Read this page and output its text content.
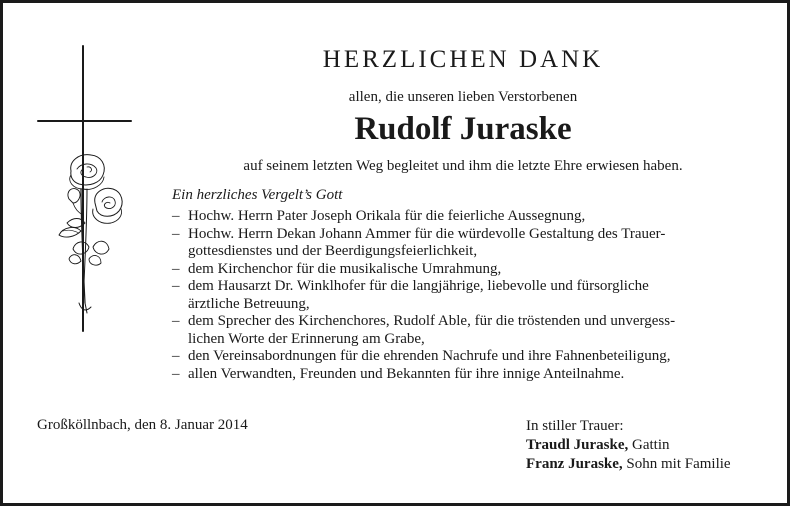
HERZLICHEN DANK
allen, die unseren lieben Verstorbenen
Rudolf Juraske
auf seinem letzten Weg begleitet und ihm die letzte Ehre erwiesen haben.
Ein herzliches Vergelt’s Gott
– Hochw. Herrn Pater Joseph Orikala für die feierliche Aussegnung,
– Hochw. Herrn Dekan Johann Ammer für die würdevolle Gestaltung des Trauer-
gottesdienstes und der Beerdigungsfeierlichkeit,
– dem Kirchenchor für die musikalische Umrahmung,
– dem Hausarzt Dr. Winklhofer für die langjährige, liebevolle und fürsorgliche
ärztliche Betreuung,
– dem Sprecher des Kirchenchores, Rudolf Able, für die tröstenden und unvergess-
lichen Worte der Erinnerung am Grabe,
– den Vereinsabordnungen für die ehrenden Nachrufe und ihre Fahnenbeteiligung,
– allen Verwandten, Freunden und Bekannten für ihre innige Anteilnahme.
Großköllnbach, den 8. Januar 2014	In stiller Trauer:
Traudl Juraske, Gattin
Franz Juraske, Sohn mit Familie
